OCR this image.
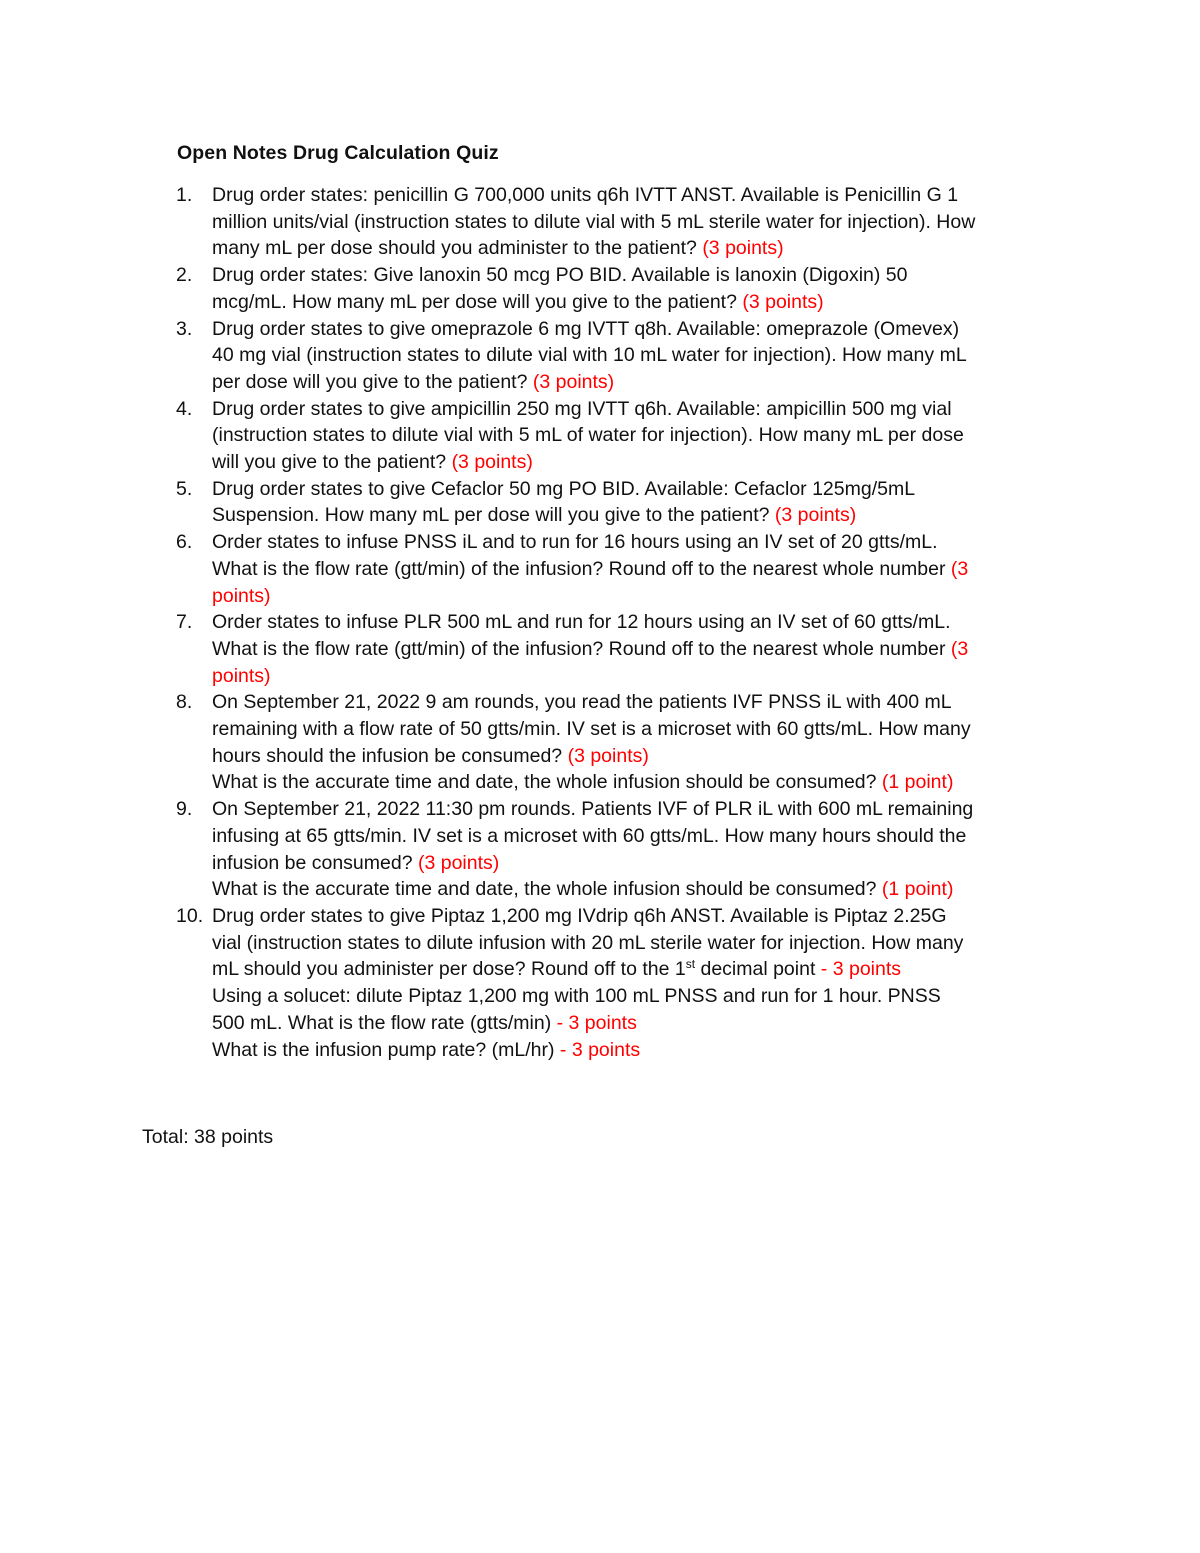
Open Notes Drug Calculation Quiz
1.	Drug order states: penicillin G 700,000 units q6h IVTT ANST. Available is Penicillin G 1
million units/vial (instruction states to dilute vial with 5 mL sterile water for injection). How
many mL per dose should you administer to the patient? (3 points)
2.	Drug order states: Give lanoxin 50 mcg PO BID. Available is lanoxin (Digoxin) 50
mcg/mL. How many mL per dose will you give to the patient? (3 points)
3.	Drug order states to give omeprazole 6 mg IVTT q8h. Available: omeprazole (Omevex)
40 mg vial (instruction states to dilute vial with 10 mL water for injection). How many mL
per dose will you give to the patient? (3 points)
4.	Drug order states to give ampicillin 250 mg IVTT q6h. Available: ampicillin 500 mg vial
(instruction states to dilute vial with 5 mL of water for injection). How many mL per dose
will you give to the patient? (3 points)
5.	Drug order states to give Cefaclor 50 mg PO BID. Available: Cefaclor 125mg/5mL
Suspension. How many mL per dose will you give to the patient? (3 points)
6.	Order states to infuse PNSS iL and to run for 16 hours using an IV set of 20 gtts/mL.
What is the flow rate (gtt/min) of the infusion? Round off to the nearest whole number (3
points)
7.	Order states to infuse PLR 500 mL and run for 12 hours using an IV set of 60 gtts/mL.
What is the flow rate (gtt/min) of the infusion? Round off to the nearest whole number (3
points)
8.	On September 21, 2022 9 am rounds, you read the patients IVF PNSS iL with 400 mL
remaining with a flow rate of 50 gtts/min. IV set is a microset with 60 gtts/mL. How many
hours should the infusion be consumed? (3 points)
What is the accurate time and date, the whole infusion should be consumed? (1 point)
9.	On September 21, 2022 11:30 pm rounds. Patients IVF of PLR iL with 600 mL remaining
infusing at 65 gtts/min. IV set is a microset with 60 gtts/mL. How many hours should the
infusion be consumed? (3 points)
What is the accurate time and date, the whole infusion should be consumed? (1 point)
10. Drug order states to give Piptaz 1,200 mg IVdrip q6h ANST. Available is Piptaz 2.25G
vial (instruction states to dilute infusion with 20 mL sterile water for injection. How many
mL should you administer per dose? Round off to the 1st decimal point - 3 points
Using a solucet: dilute Piptaz 1,200 mg with 100 mL PNSS and run for 1 hour. PNSS
500 mL. What is the flow rate (gtts/min) - 3 points
What is the infusion pump rate? (mL/hr) - 3 points
Total: 38 points
